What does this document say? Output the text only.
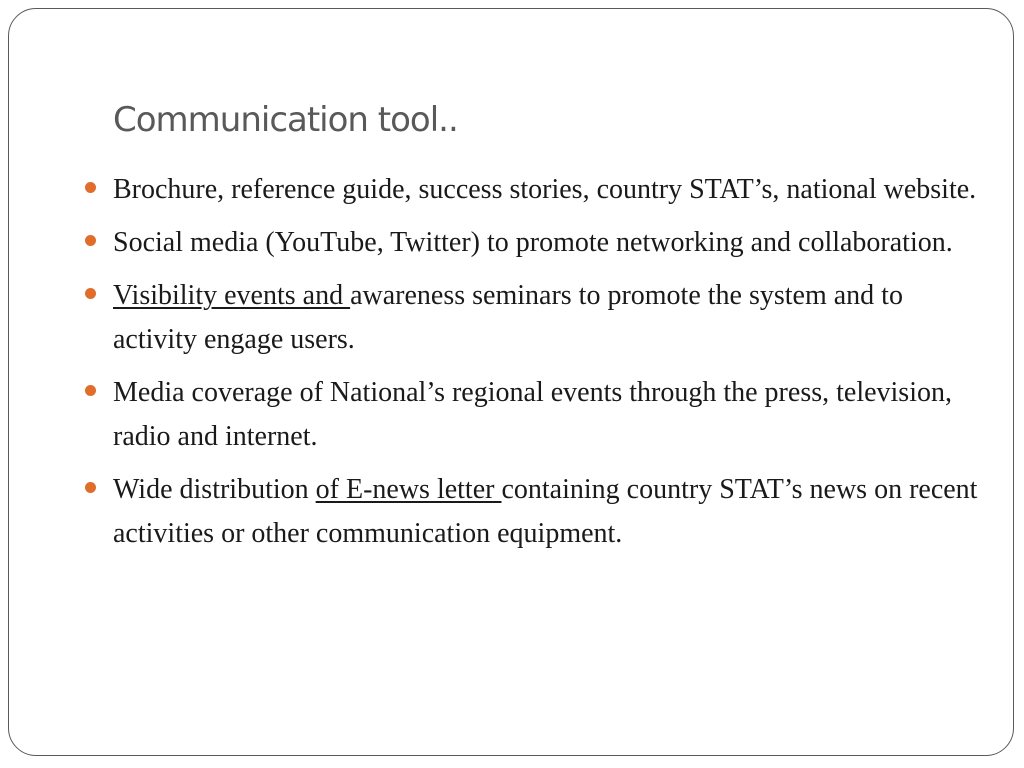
Communication tool..
Brochure, reference guide, success stories, country STAT’s, national website.
Social media (YouTube, Twitter) to promote networking and collaboration.
Visibility events and awareness seminars to promote the system and to activity engage users.
Media coverage of National’s regional events through the press, television, radio and internet.
Wide distribution of E-news letter containing country STAT’s news on recent activities or other communication equipment.
